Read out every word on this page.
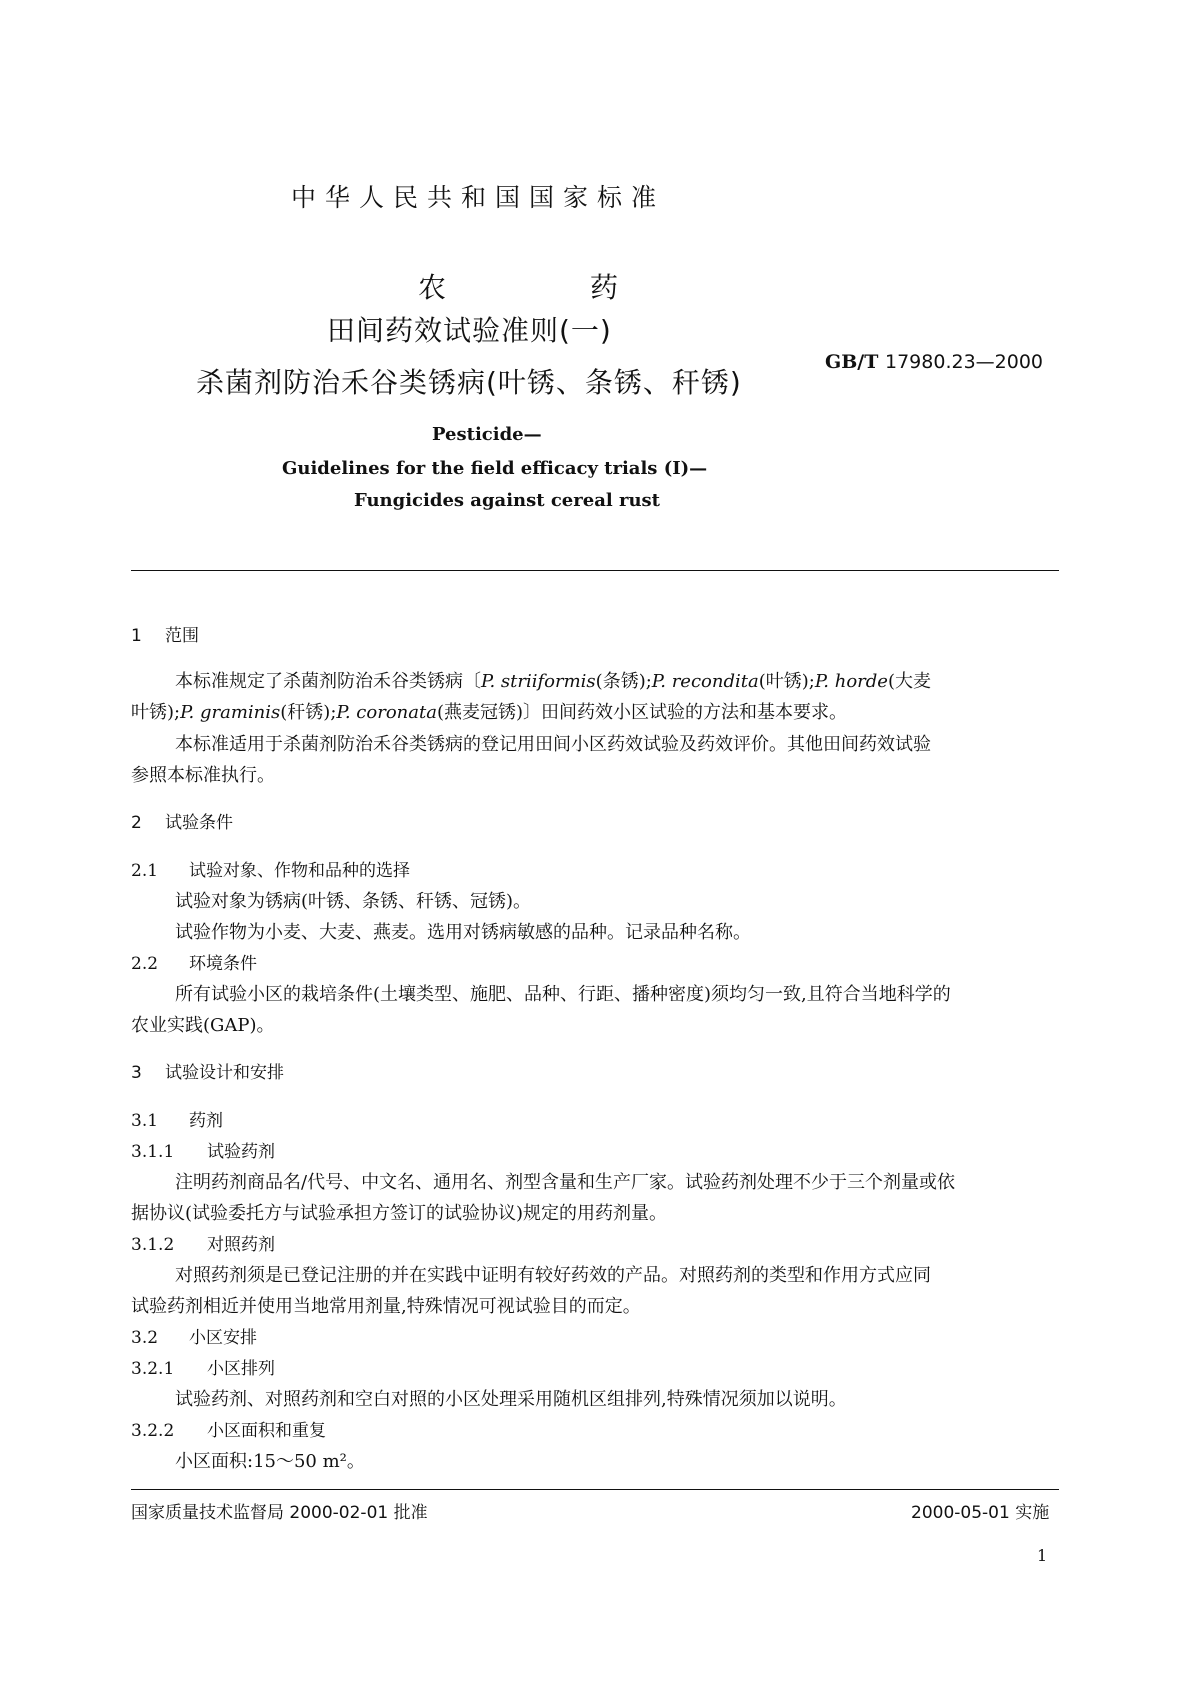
中华人民共和国国家标准
农　药
田间药效试验准则(一)
杀菌剂防治禾谷类锈病(叶锈、条锈、秆锈)
GB/T 17980.23—2000
Pesticide—
Guidelines for the field efficacy trials (Ⅰ)—
Fungicides against cereal rust
1 范围
本标准规定了杀菌剂防治禾谷类锈病〔P. striiformis(条锈);P. recondita(叶锈);P. horde(大麦
叶锈);P. graminis(秆锈);P. coronata(燕麦冠锈)〕田间药效小区试验的方法和基本要求。
本标准适用于杀菌剂防治禾谷类锈病的登记用田间小区药效试验及药效评价。其他田间药效试验
参照本标准执行。
2 试验条件
2.1 试验对象、作物和品种的选择
试验对象为锈病(叶锈、条锈、秆锈、冠锈)。
试验作物为小麦、大麦、燕麦。选用对锈病敏感的品种。记录品种名称。
2.2 环境条件
所有试验小区的栽培条件(土壤类型、施肥、品种、行距、播种密度)须均匀一致,且符合当地科学的
农业实践(GAP)。
3 试验设计和安排
3.1 药剂
3.1.1 试验药剂
注明药剂商品名/代号、中文名、通用名、剂型含量和生产厂家。试验药剂处理不少于三个剂量或依
据协议(试验委托方与试验承担方签订的试验协议)规定的用药剂量。
3.1.2 对照药剂
对照药剂须是已登记注册的并在实践中证明有较好药效的产品。对照药剂的类型和作用方式应同
试验药剂相近并使用当地常用剂量,特殊情况可视试验目的而定。
3.2 小区安排
3.2.1 小区排列
试验药剂、对照药剂和空白对照的小区处理采用随机区组排列,特殊情况须加以说明。
3.2.2 小区面积和重复
小区面积:15～50 m²。
国家质量技术监督局 2000-02-01 批准	2000-05-01 实施
1
